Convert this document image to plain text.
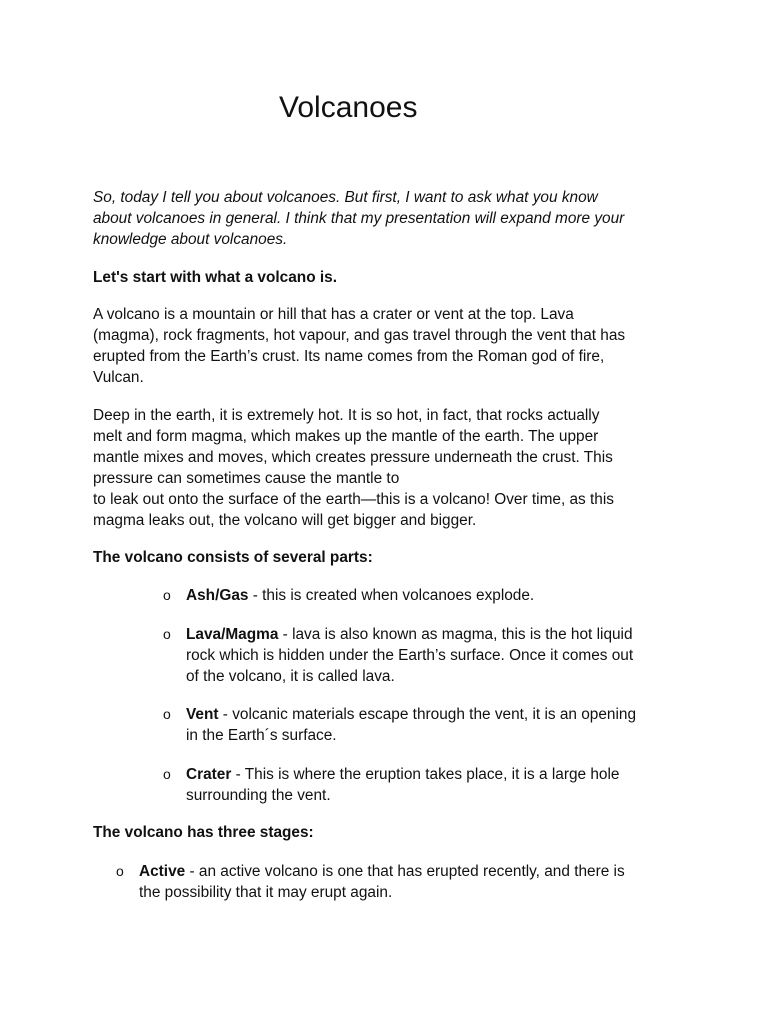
Volcanoes

So, today I tell you about volcanoes. But first, I want to ask what you know
about volcanoes in general. I think that my presentation will expand more your
knowledge about volcanoes.

Let's start with what a volcano is.

A volcano is a mountain or hill that has a crater or vent at the top. Lava
(magma), rock fragments, hot vapour, and gas travel through the vent that has
erupted from the Earth’s crust. Its name comes from the Roman god of fire,
Vulcan.

Deep in the earth, it is extremely hot. It is so hot, in fact, that rocks actually
melt and form magma, which makes up the mantle of the earth. The upper
mantle mixes and moves, which creates pressure underneath the crust. This
pressure can sometimes cause the mantle to
to leak out onto the surface of the earth—this is a volcano! Over time, as this
magma leaks out, the volcano will get bigger and bigger.

The volcano consists of several parts:

o Ash/Gas - this is created when volcanoes explode.
o Lava/Magma - lava is also known as magma, this is the hot liquid
rock which is hidden under the Earth’s surface. Once it comes out
of the volcano, it is called lava.
o Vent - volcanic materials escape through the vent, it is an opening
in the Earth´s surface.
o Crater - This is where the eruption takes place, it is a large hole
surrounding the vent.

The volcano has three stages:

o Active - an active volcano is one that has erupted recently, and there is
the possibility that it may erupt again.
